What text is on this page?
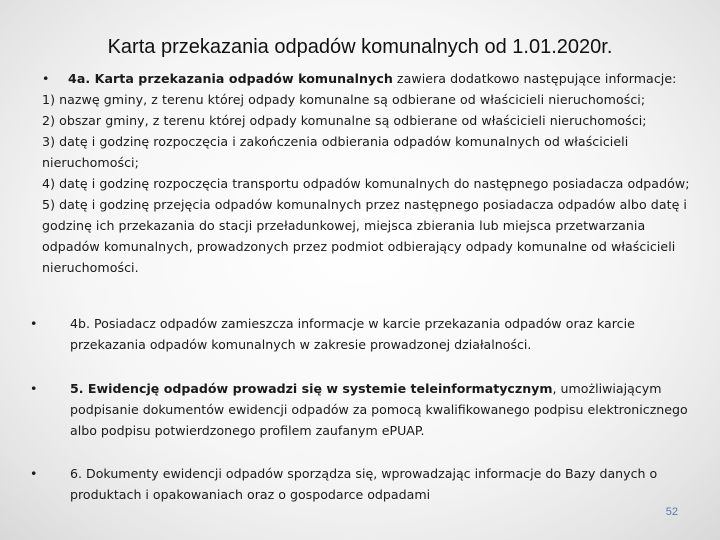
Karta przekazania odpadów komunalnych od 1.01.2020r.

• 4a. Karta przekazania odpadów komunalnych zawiera dodatkowo następujące informacje:

1) nazwę gminy, z terenu której odpady komunalne są odbierane od właścicieli nieruchomości;

2) obszar gminy, z terenu której odpady komunalne są odbierane od właścicieli nieruchomości;

3) datę i godzinę rozpoczęcia i zakończenia odbierania odpadów komunalnych od właścicieli nieruchomości;

4) datę i godzinę rozpoczęcia transportu odpadów komunalnych do następnego posiadacza odpadów;

5) datę i godzinę przejęcia odpadów komunalnych przez następnego posiadacza odpadów albo datę i godzinę ich przekazania do stacji przeładunkowej, miejsca zbierania lub miejsca przetwarzania odpadów komunalnych, prowadzonych przez podmiot odbierający odpady komunalne od właścicieli nieruchomości.

•	4b. Posiadacz odpadów zamieszcza informacje w karcie przekazania odpadów oraz karcie przekazania odpadów komunalnych w zakresie prowadzonej działalności.
•	5. Ewidencję odpadów prowadzi się w systemie teleinformatycznym, umożliwiającym podpisanie dokumentów ewidencji odpadów za pomocą kwalifikowanego podpisu elektronicznego albo podpisu potwierdzonego profilem zaufanym ePUAP.
•	6. Dokumenty ewidencji odpadów sporządza się, wprowadzając informacje do Bazy danych o produktach i opakowaniach oraz o gospodarce odpadami
52
